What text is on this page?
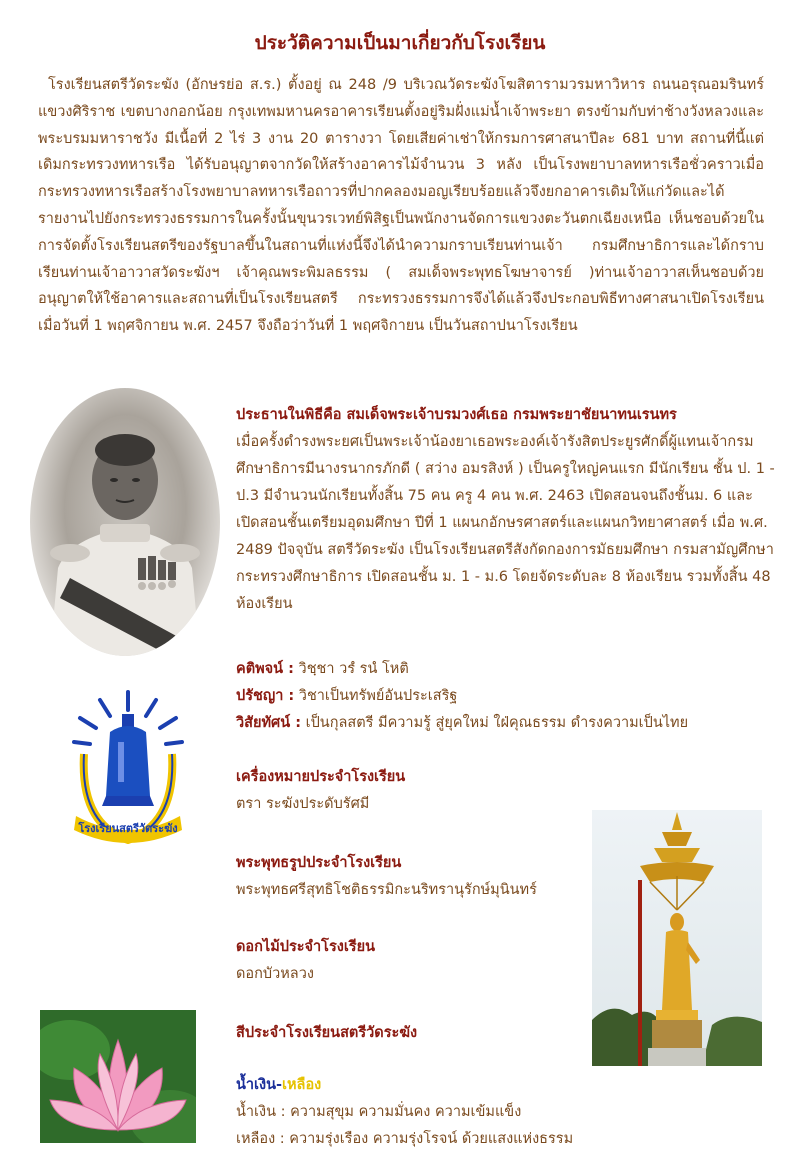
ประวัติความเป็นมาเกี่ยวกับโรงเรียน
โรงเรียนสตรีวัดระฆัง (อักษรย่อ ส.ร.) ตั้งอยู่ ณ 248 /9 บริเวณวัดระฆังโฆสิตารามวรมหาวิหาร ถนนอรุณอมรินทร์ แขวงศิริราช เขตบางกอกน้อย กรุงเทพมหานครอาคารเรียนตั้งอยู่ริมฝั่งแม่น้ำเจ้าพระยา ตรงข้ามกับท่าช้างวังหลวงและพระบรมมหาราชวัง มีเนื้อที่ 2 ไร่ 3 งาน 20 ตารางวา โดยเสียค่าเช่าให้กรมการศาสนาปีละ 681 บาท สถานที่นี้แต่เดิมกระทรวงทหารเรือ ได้รับอนุญาตจากวัดให้สร้างอาคารไม้จำนวน 3 หลัง เป็นโรงพยาบาลทหารเรือชั่วคราวเมื่อกระทรวงทหารเรือสร้างโรงพยาบาลทหารเรือถาวรที่ปากคลองมอญเรียบร้อยแล้วจึงยกอาคารเดิมให้แก่วัดและได้รายงานไปยังกระทรวงธรรมการในครั้งนั้นขุนวรเวทย์พิสิฐเป็นพนักงานจัดการแขวงตะวันตกเฉียงเหนือ เห็นชอบด้วยในการจัดตั้งโรงเรียนสตรีของรัฐบาลขึ้นในสถานที่แห่งนี้จึงได้นำความกราบเรียนท่านเจ้า กรมศึกษาธิการและได้กราบเรียนท่านเจ้าอาวาสวัดระฆังฯ เจ้าคุณพระพิมลธรรม ( สมเด็จพระพุทธโฆษาจารย์ )ท่านเจ้าอาวาสเห็นชอบด้วย อนุญาตให้ใช้อาคารและสถานที่เป็นโรงเรียนสตรี กระทรวงธรรมการจึงได้แล้วจึงประกอบพิธีทางศาสนาเปิดโรงเรียนเมื่อวันที่ 1 พฤศจิกายน พ.ศ. 2457 จึงถือว่าวันที่ 1 พฤศจิกายน เป็นวันสถาปนาโรงเรียน
ประธานในพิธีคือ สมเด็จพระเจ้าบรมวงศ์เธอ กรมพระยาชัยนาทนเรนทร
เมื่อครั้งดำรงพระยศเป็นพระเจ้าน้องยาเธอพระองค์เจ้ารังสิตประยูรศักดิ์ผู้แทนเจ้ากรมศึกษาธิการมีนางรนากรภักดี ( สว่าง อมรสิงห์ ) เป็นครูใหญ่คนแรก มีนักเรียน ชั้น ป. 1 - ป.3 มีจำนวนนักเรียนทั้งสิ้น 75 คน ครู 4 คน พ.ศ. 2463 เปิดสอนจนถึงชั้นม. 6 และเปิดสอนชั้นเตรียมอุดมศึกษา ปีที่ 1 แผนกอักษรศาสตร์และแผนกวิทยาศาสตร์ เมื่อ พ.ศ. 2489 ปัจจุบัน สตรีวัดระฆัง เป็นโรงเรียนสตรีสังกัดกองการมัธยมศึกษา กรมสามัญศึกษา กระทรวงศึกษาธิการ เปิดสอนชั้น ม. 1 - ม.6 โดยจัดระดับละ 8 ห้องเรียน รวมทั้งสิ้น 48 ห้องเรียน
คติพจน์ : วิชฺชา วรํ รนํ โหติ
ปรัชญา : วิชาเป็นทรัพย์อันประเสริฐ
วิสัยทัศน์ : เป็นกุลสตรี มีความรู้ สู่ยุคใหม่ ใฝ่คุณธรรม ดำรงความเป็นไทย
โรงเรียนสตรีวัดระฆัง
เครื่องหมายประจำโรงเรียน
ตรา ระฆังประดับรัศมี
พระพุทธรูปประจำโรงเรียน
พระพุทธศรีสุทธิโชติธรรมิกะนริทรานุรักษ์มุนินทร์
ดอกไม้ประจำโรงเรียน
ดอกบัวหลวง
สีประจำโรงเรียนสตรีวัดระฆัง
น้ำเงิน-เหลือง
น้ำเงิน : ความสุขุม ความมั่นคง ความเข้มแข็ง
เหลือง : ความรุ่งเรือง ความรุ่งโรจน์ ด้วยแสงแห่งธรรม
